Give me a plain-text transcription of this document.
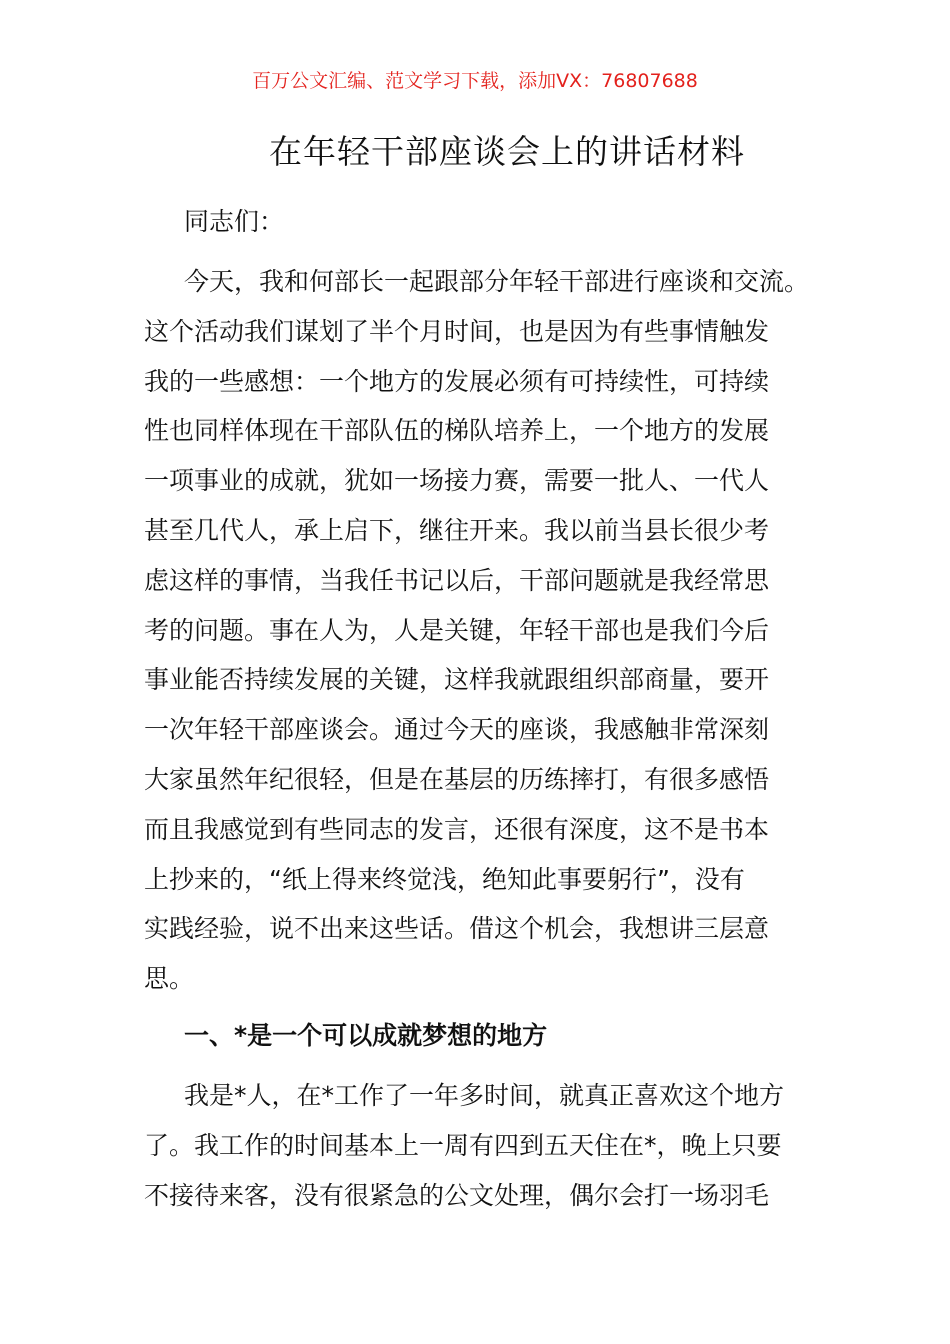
百万公文汇编、范文学习下载，添加VX：76807688
在年轻干部座谈会上的讲话材料
同志们：
今天，我和何部长一起跟部分年轻干部进行座谈和交流。
这个活动我们谋划了半个月时间，也是因为有些事情触发
我的一些感想：一个地方的发展必须有可持续性，可持续
性也同样体现在干部队伍的梯队培养上，一个地方的发展
一项事业的成就，犹如一场接力赛，需要一批人、一代人
甚至几代人，承上启下，继往开来。我以前当县长很少考
虑这样的事情，当我任书记以后，干部问题就是我经常思
考的问题。事在人为，人是关键，年轻干部也是我们今后
事业能否持续发展的关键，这样我就跟组织部商量，要开
一次年轻干部座谈会。通过今天的座谈，我感触非常深刻
大家虽然年纪很轻，但是在基层的历练摔打，有很多感悟
而且我感觉到有些同志的发言，还很有深度，这不是书本
上抄来的，“纸上得来终觉浅，绝知此事要躬行”，没有
实践经验，说不出来这些话。借这个机会，我想讲三层意
思。
一、*是一个可以成就梦想的地方
我是*人，在*工作了一年多时间，就真正喜欢这个地方
了。我工作的时间基本上一周有四到五天住在*，晚上只要
不接待来客，没有很紧急的公文处理，偶尔会打一场羽毛
